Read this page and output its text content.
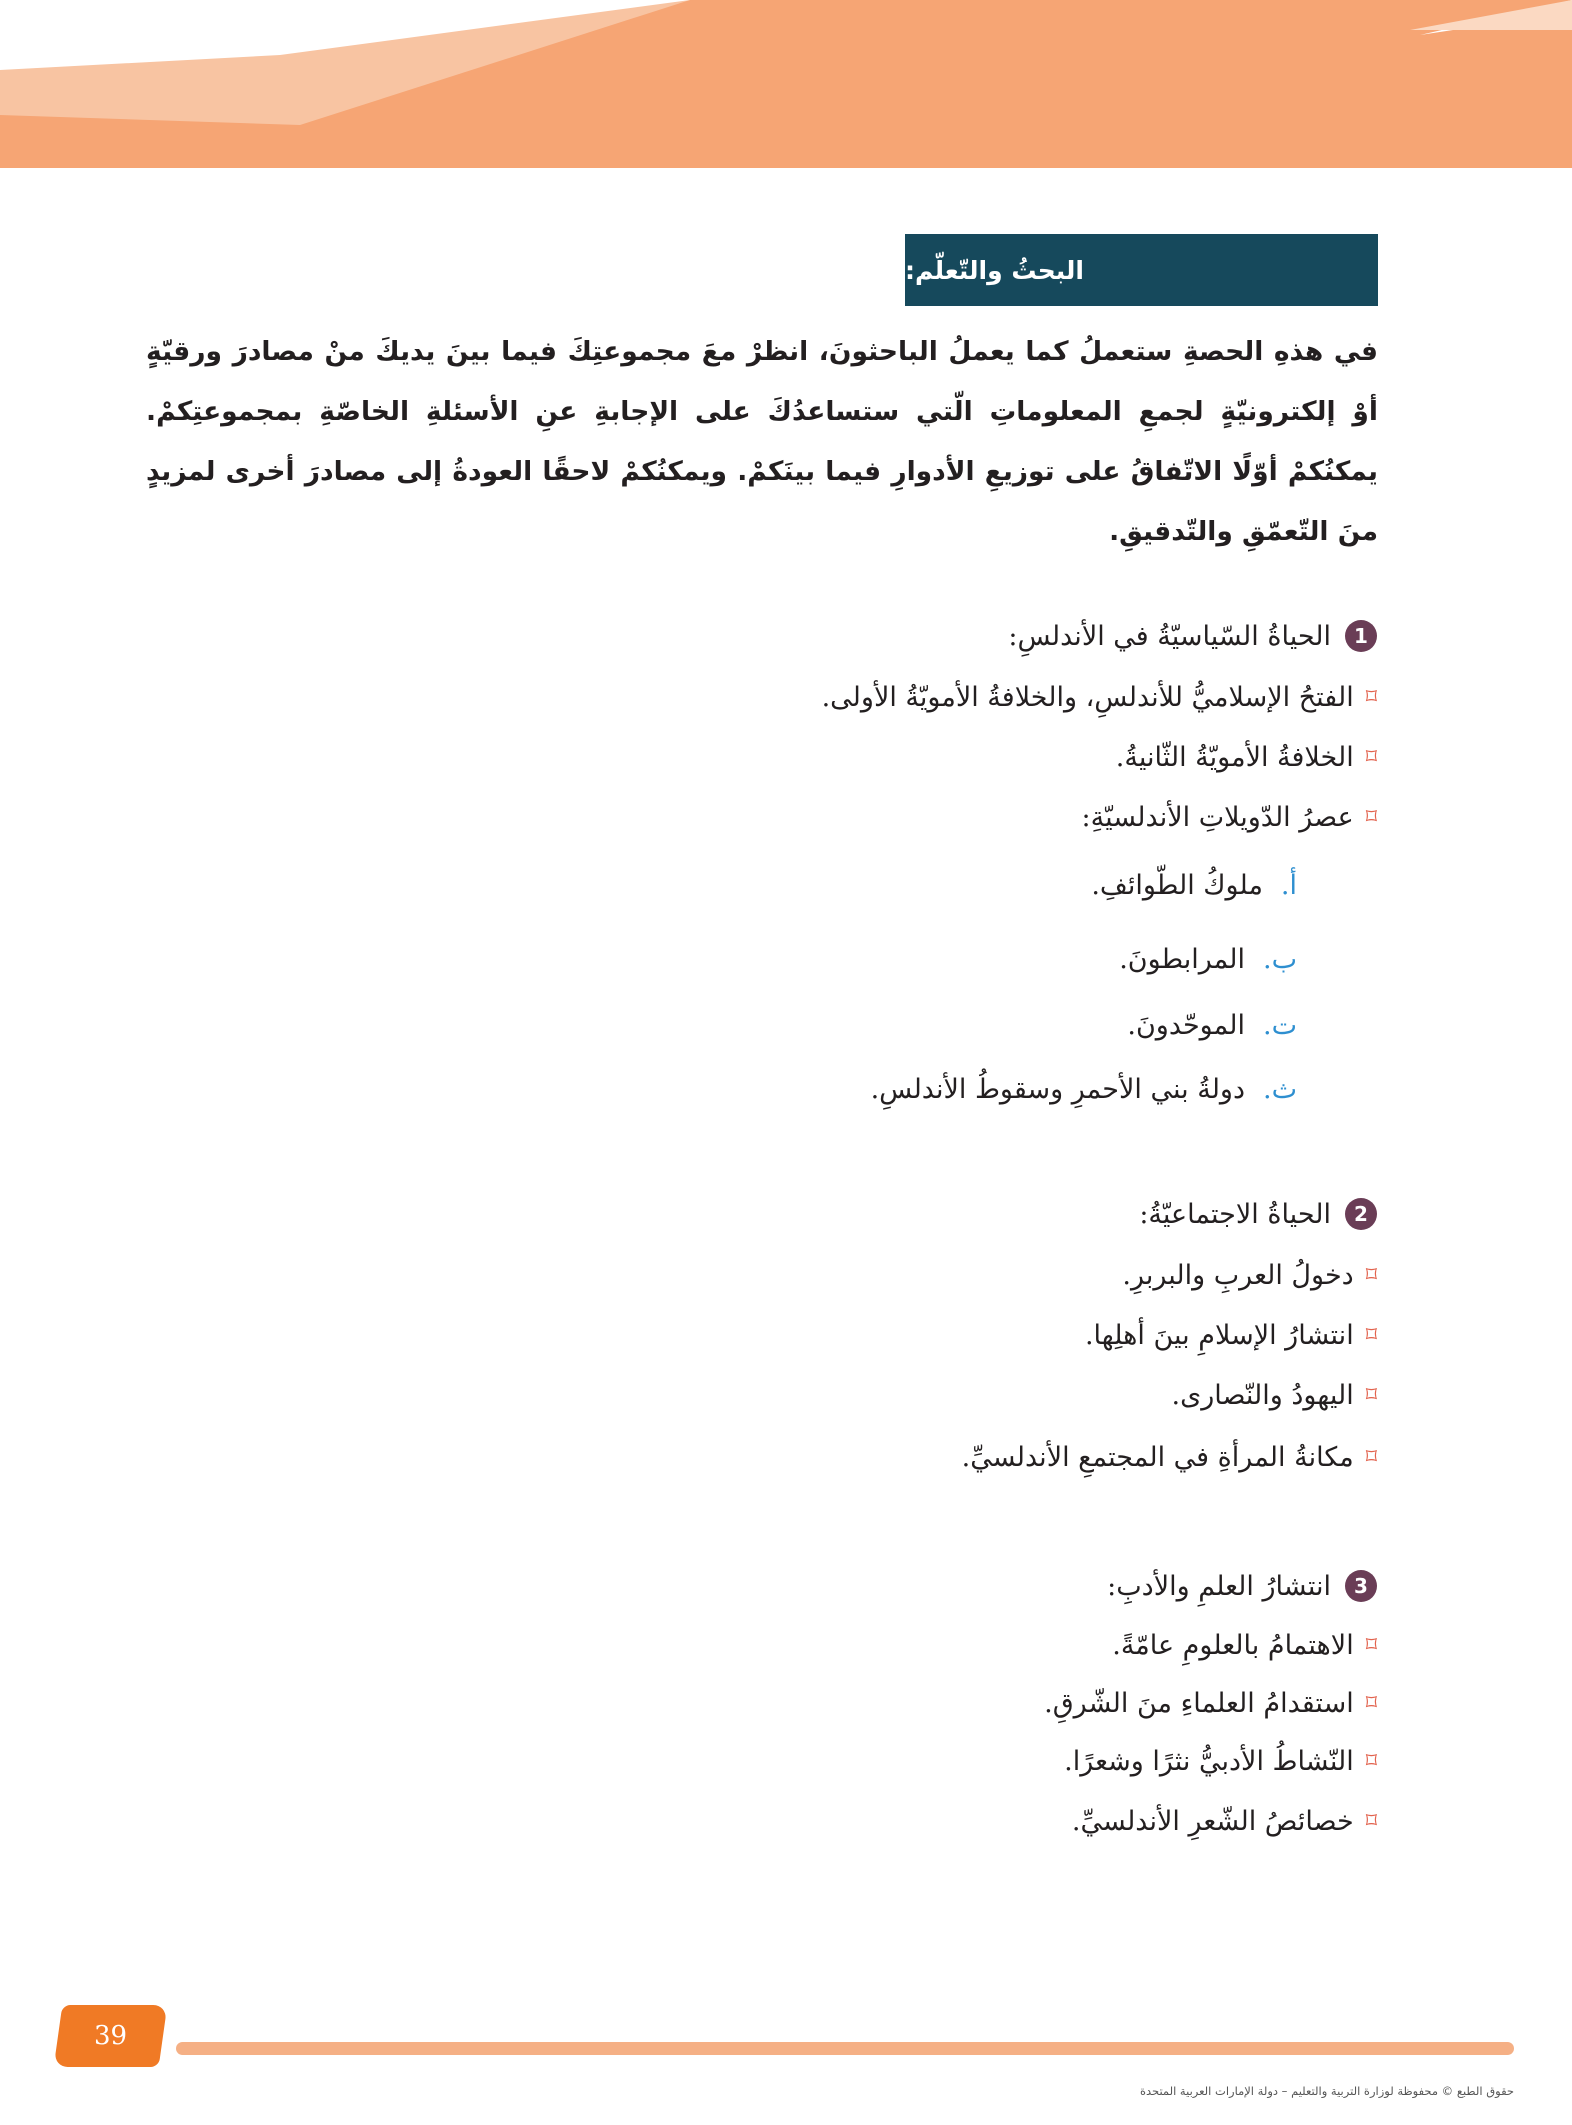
البحثُ والتّعلّم:

في هذهِ الحصةِ ستعملُ كما يعملُ الباحثونَ، انظرْ معَ مجموعتِكَ فيما بينَ يديكَ منْ مصادرَ ورقيّةٍ أوْ إلكترونيّةٍ لجمعِ المعلوماتِ الّتي ستساعدُكَ على الإجابةِ عنِ الأسئلةِ الخاصّةِ بمجموعتِكمْ. يمكنُكمْ أوّلًا الاتّفاقُ على توزيعِ الأدوارِ فيما بينَكمْ. ويمكنُكمْ لاحقًا العودةُ إلى مصادرَ أخرى لمزيدٍ منَ التّعمّقِ والتّدقيقِ.

1
الحياةُ السّياسيّةُ في الأندلسِ:
⌑
الفتحُ الإسلاميُّ للأندلسِ، والخلافةُ الأمويّةُ الأولى.
⌑
الخلافةُ الأمويّةُ الثّانيةُ.
⌑
عصرُ الدّويلاتِ الأندلسيّةِ:
أ.
ملوكُ الطّوائفِ.
ب.
المرابطونَ.
ت.
الموحّدونَ.
ث.
دولةُ بني الأحمرِ وسقوطُ الأندلسِ.
2
الحياةُ الاجتماعيّةُ:
⌑
دخولُ العربِ والبربرِ.
⌑
انتشارُ الإسلامِ بينَ أهلِها.
⌑
اليهودُ والنّصارى.
⌑
مكانةُ المرأةِ في المجتمعِ الأندلسيِّ.
3
انتشارُ العلمِ والأدبِ:
⌑
الاهتمامُ بالعلومِ عامّةً.
⌑
استقدامُ العلماءِ منَ الشّرقِ.
⌑
النّشاطُ الأدبيُّ نثرًا وشعرًا.
⌑
خصائصُ الشّعرِ الأندلسيِّ.
39
حقوق الطبع © محفوظة لوزارة التربية والتعليم – دولة الإمارات العربية المتحدة
